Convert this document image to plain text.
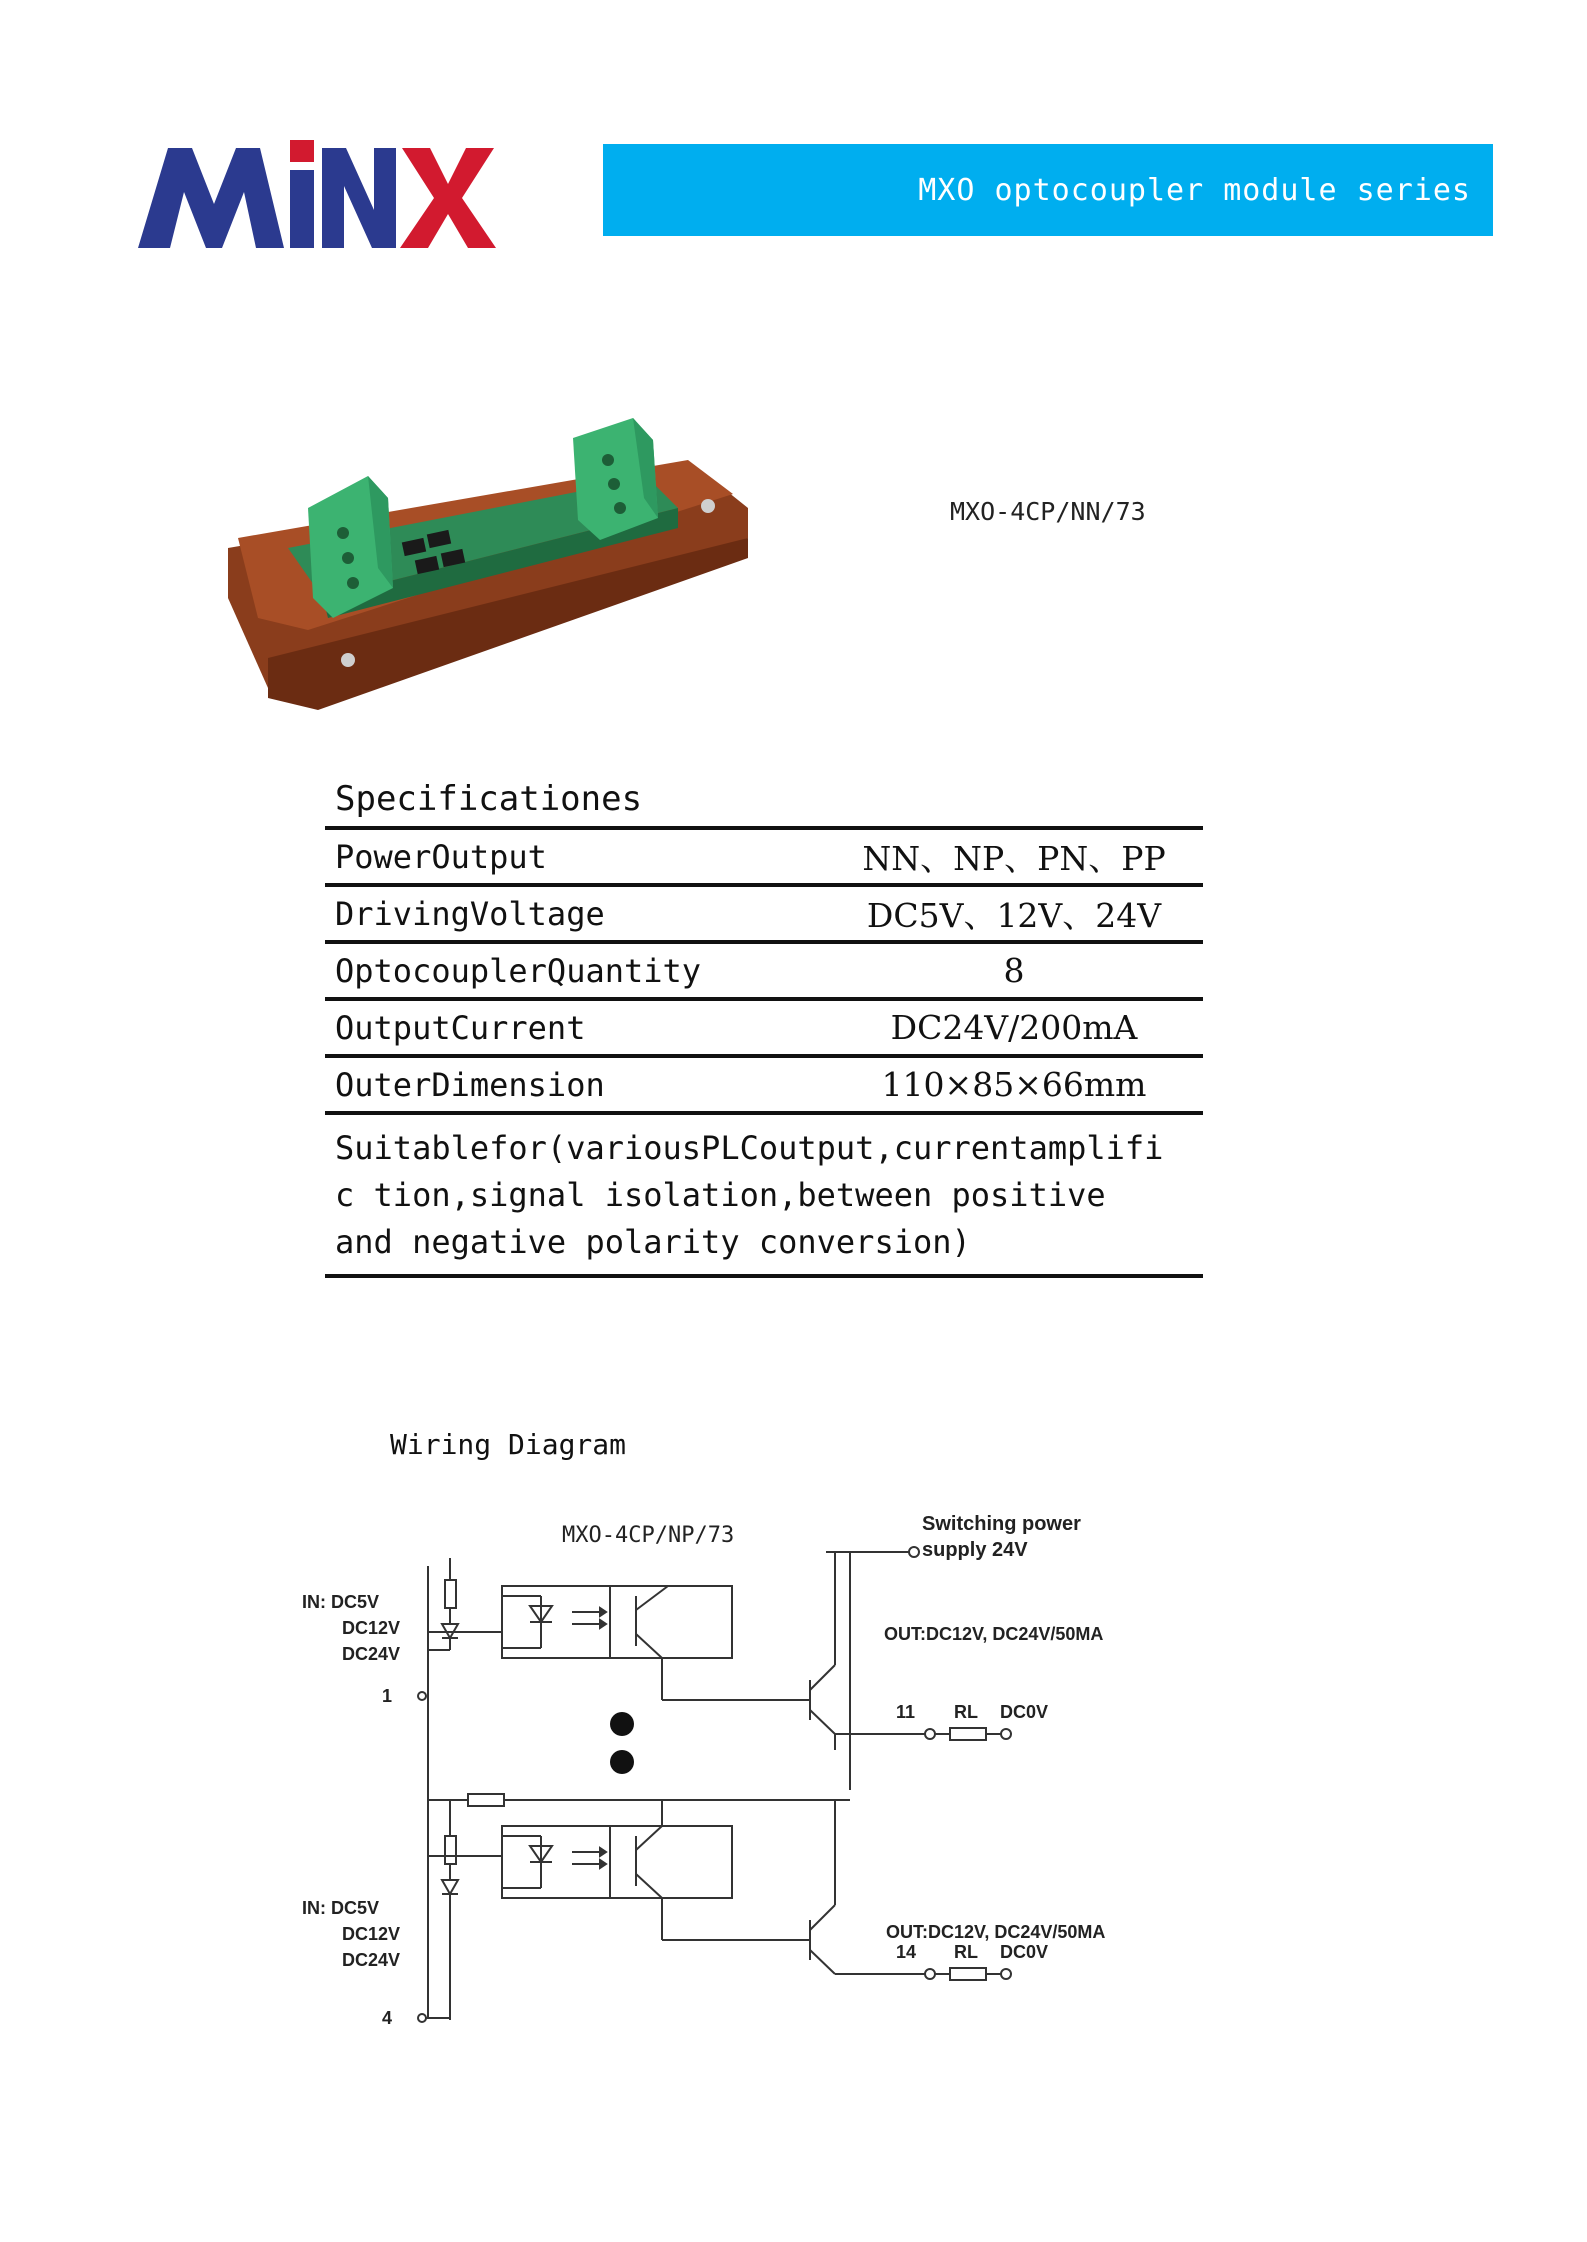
MXO optocoupler module series
MXO-4CP/NN/73
Specificationes
PowerOutput	NN、NP、PN、PP
DrivingVoltage	DC5V、12V、24V
OptocouplerQuantity	8
OutputCurrent	DC24V/200mA
OuterDimension	110×85×66mm
Suitablefor(variousPLCoutput,currentamplifi
c tion,signal isolation,between positive
and negative polarity conversion)
Wiring Diagram
MXO-4CP/NP/73	Switching power
supply 24V
IN: DC5V
DC12V
DC24V
IN: DC5V
DC12V
DC24V
OUT:DC12V, DC24V/50MA
OUT:DC12V, DC24V/50MA
1
4
11 RL DC0V
14 RL DC0V
